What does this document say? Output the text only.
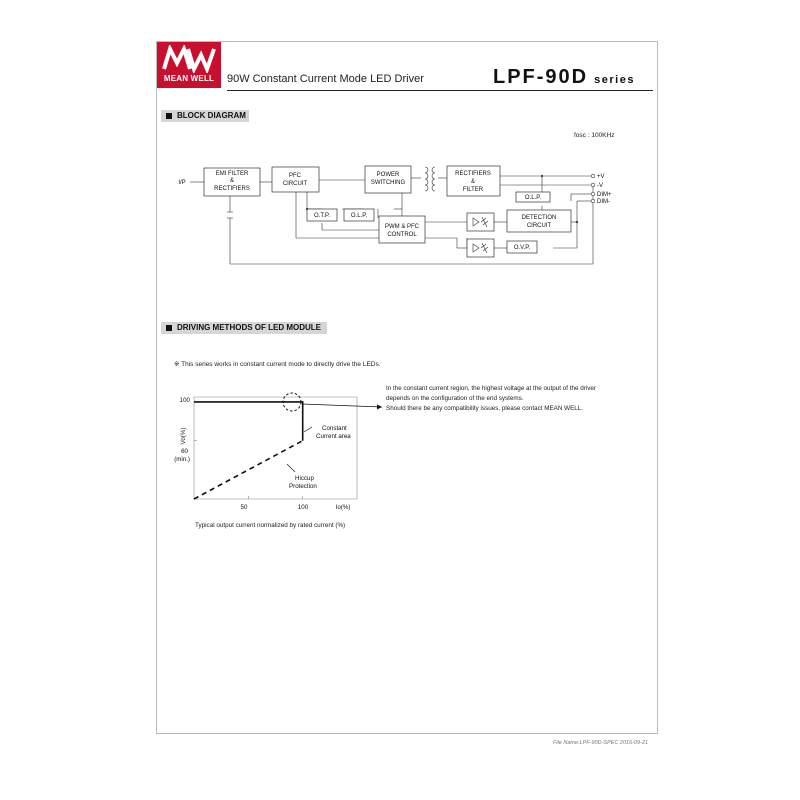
MEAN WELL	90W Constant Current Mode LED Driver	LPF-90D series
BLOCK DIAGRAM
fosc : 100KHz
I/P
EMI FILTER
&
RECTIFIERS
PFC
CIRCUIT
POWER
SWITCHING
RECTIFIERS
&
FILTER
O.L.P.
O.T.P.	O.L.P.
PWM & PFC
CONTROL
DETECTION
CIRCUIT
O.V.P.
+V
-V
DIM+
DIM-
DRIVING METHODS OF LED MODULE
※ This series works in constant current mode to directly drive the LEDs.
100
60
(min.)
Vo(%)
50	100	Io(%)
Constant
Current area
Hiccup
Protection
In the constant current region, the highest voltage at the output of the driver
depends on the configuration of the end systems.
Should there be any compatibility issues, please contact MEAN WELL.
Typical output current normalized by rated current (%)
File Name:LPF-90D-SPEC 2016-09-21
